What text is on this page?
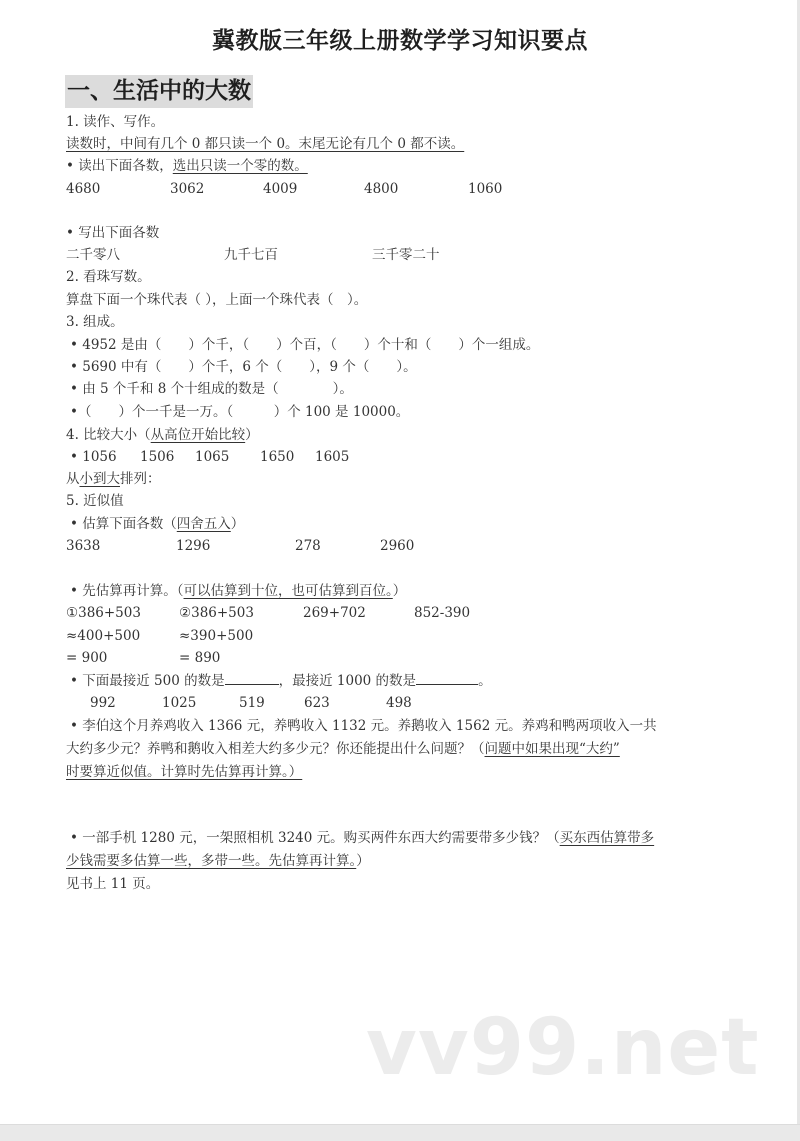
冀教版三年级上册数学学习知识要点
一、生活中的大数
1. 读作、写作。
读数时，中间有几个 0 都只读一个 0。末尾无论有几个 0 都不读。
• 读出下面各数，选出只读一个零的数。
4680	3062	4009	4800	1060
• 写出下面各数
二千零八	九千七百	三千零二十
2. 看珠写数。
算盘下面一个珠代表（ ），上面一个珠代表（　）。
3. 组成。
• 4952 是由（　　）个千，（　　）个百，（　　）个十和（　　）个一组成。
• 5690 中有（　　）个千，6 个（　　），9 个（　　）。
• 由 5 个千和 8 个十组成的数是（　　　　）。
•（　　）个一千是一万。（　　　）个 100 是 10000。
4. 比较大小（从高位开始比较）
• 1056 1506 1065 1650 1605
从小到大排列：
5. 近似值
• 估算下面各数（四舍五入）
3638	1296	278	2960
• 先估算再计算。（可以估算到十位，也可估算到百位。）
①386+503	②386+503	269+702	852-390
≈400+500	≈390+500
= 900	= 890
• 下面最接近 500 的数是	，最接近 1000 的数是	。
992	1025	519	623	498
• 李伯这个月养鸡收入 1366 元，养鸭收入 1132 元。养鹅收入 1562 元。养鸡和鸭两项收入一共
大约多少元？养鸭和鹅收入相差大约多少元？你还能提出什么问题？（问题中如果出现“大约”
时要算近似值。计算时先估算再计算。）
• 一部手机 1280 元，一架照相机 3240 元。购买两件东西大约需要带多少钱？（买东西估算带多
少钱需要多估算一些，多带一些。先估算再计算。）
见书上 11 页。
vv99.net
